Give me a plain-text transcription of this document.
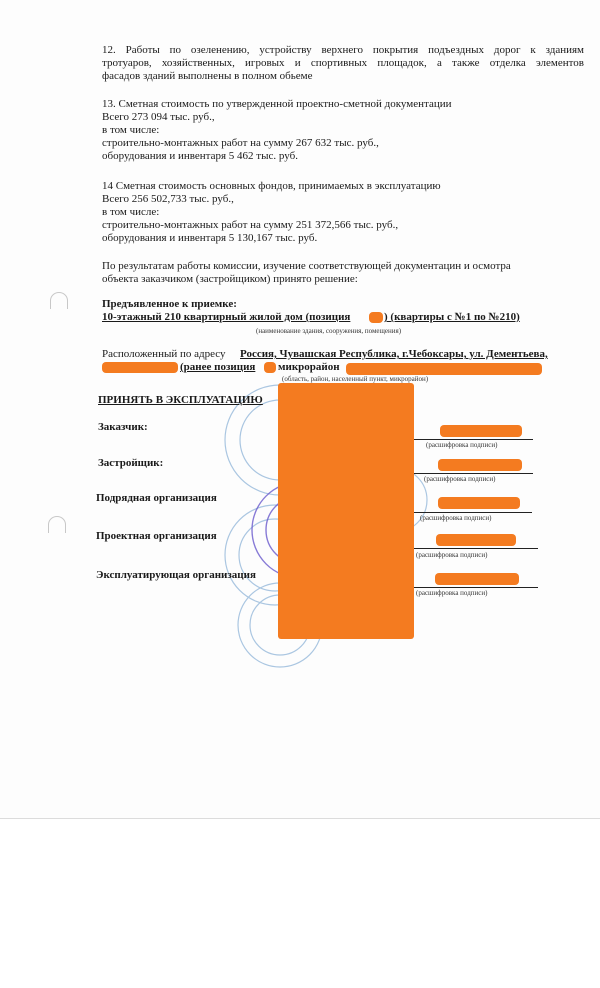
12. Работы по озеленению, устройству верхнего покрытия подъездных дорог к зданиям
тротуаров, хозяйственных, игровых и спортивных площадок, а также отделка элементов
фасадов зданий выполнены в полном обьеме
13. Сметная стоимость по утвержденной проектно-сметной документации
Всего 273 094 тыс. руб.,
в том числе:
строительно-монтажных работ на сумму 267 632 тыс. руб.,
оборудования и инвентаря 5 462 тыс. руб.
14 Сметная стоимость основных фондов, принимаемых в эксплуатацию
Всего 256 502,733 тыс. руб.,
в том числе:
строительно-монтажных работ на сумму 251 372,566 тыс. руб.,
оборудования и инвентаря 5 130,167 тыс. руб.
По результатам работы комиссии, изучение соответствующей документацин и осмотра
объекта заказчиком (застройщиком) принято решение:
Предъявленное к приемке:
10-этажный 210 квартирный жилой дом (позиция	) (квартиры с №1 по №210)
(наименование здания, сооружения, помещения)
Расположенный по адресу Россия, Чувашская Республика, г.Чебоксары, ул. Дементьева,
(ранее позиция микрорайон
(область, район, населенный пункт, микрорайон)
ПРИНЯТЬ В ЭКСПЛУАТАЦИЮ
Заказчик:
(расшифровка подписи)
Застройщик:
(расшифровка подписи)
Подрядная организация
(расшифровка подписи)
Проектная организация
(расшифровка подписи)
Эксплуатирующая организация
(расшифровка подписи)
